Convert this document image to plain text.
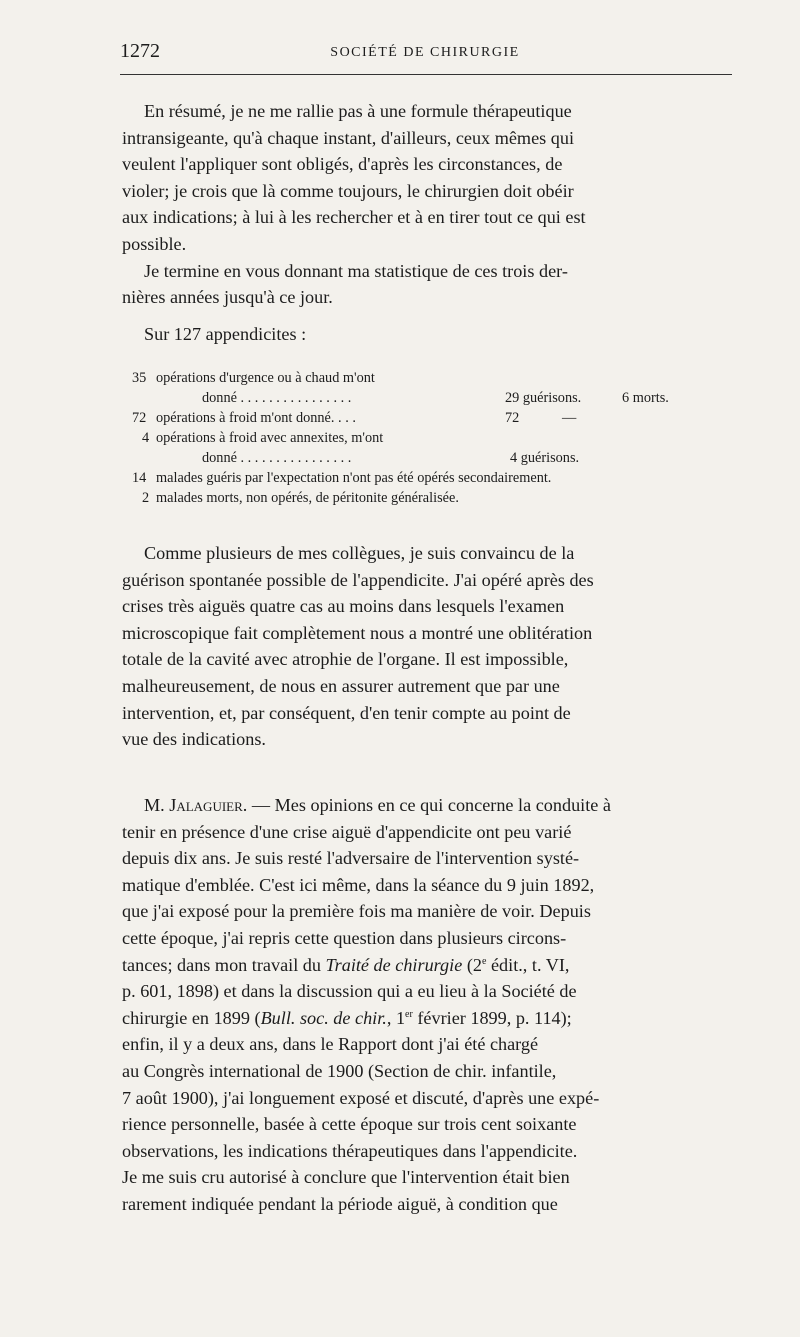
1272	SOCIÉTÉ DE CHIRURGIE
En résumé, je ne me rallie pas à une formule thérapeutique
intransigeante, qu'à chaque instant, d'ailleurs, ceux mêmes qui
veulent l'appliquer sont obligés, d'après les circonstances, de
violer; je crois que là comme toujours, le chirurgien doit obéir
aux indications; à lui à les rechercher et à en tirer tout ce qui est
possible.
Je termine en vous donnant ma statistique de ces trois der-
nières années jusqu'à ce jour.
Sur 127 appendicites :
35 opérations d'urgence ou à chaud m'ont
donné . . . . . . . . . . . . . . . .	29 guérisons.	6 morts.
72 opérations à froid m'ont donné. . . .	72	—
4 opérations à froid avec annexites, m'ont
donné . . . . . . . . . . . . . . . .	4 guérisons.
14 malades guéris par l'expectation n'ont pas été opérés secondairement.
2 malades morts, non opérés, de péritonite généralisée.
Comme plusieurs de mes collègues, je suis convaincu de la
guérison spontanée possible de l'appendicite. J'ai opéré après des
crises très aiguës quatre cas au moins dans lesquels l'examen
microscopique fait complètement nous a montré une oblitération
totale de la cavité avec atrophie de l'organe. Il est impossible,
malheureusement, de nous en assurer autrement que par une
intervention, et, par conséquent, d'en tenir compte au point de
vue des indications.
M. Jalaguier. — Mes opinions en ce qui concerne la conduite à
tenir en présence d'une crise aiguë d'appendicite ont peu varié
depuis dix ans. Je suis resté l'adversaire de l'intervention systé-
matique d'emblée. C'est ici même, dans la séance du 9 juin 1892,
que j'ai exposé pour la première fois ma manière de voir. Depuis
cette époque, j'ai repris cette question dans plusieurs circons-
tances; dans mon travail du Traité de chirurgie (2e édit., t. VI,
p. 601, 1898) et dans la discussion qui a eu lieu à la Société de
chirurgie en 1899 (Bull. soc. de chir., 1er février 1899, p. 114);
enfin, il y a deux ans, dans le Rapport dont j'ai été chargé
au Congrès international de 1900 (Section de chir. infantile,
7 août 1900), j'ai longuement exposé et discuté, d'après une expé-
rience personnelle, basée à cette époque sur trois cent soixante
observations, les indications thérapeutiques dans l'appendicite.
Je me suis cru autorisé à conclure que l'intervention était bien
rarement indiquée pendant la période aiguë, à condition que
